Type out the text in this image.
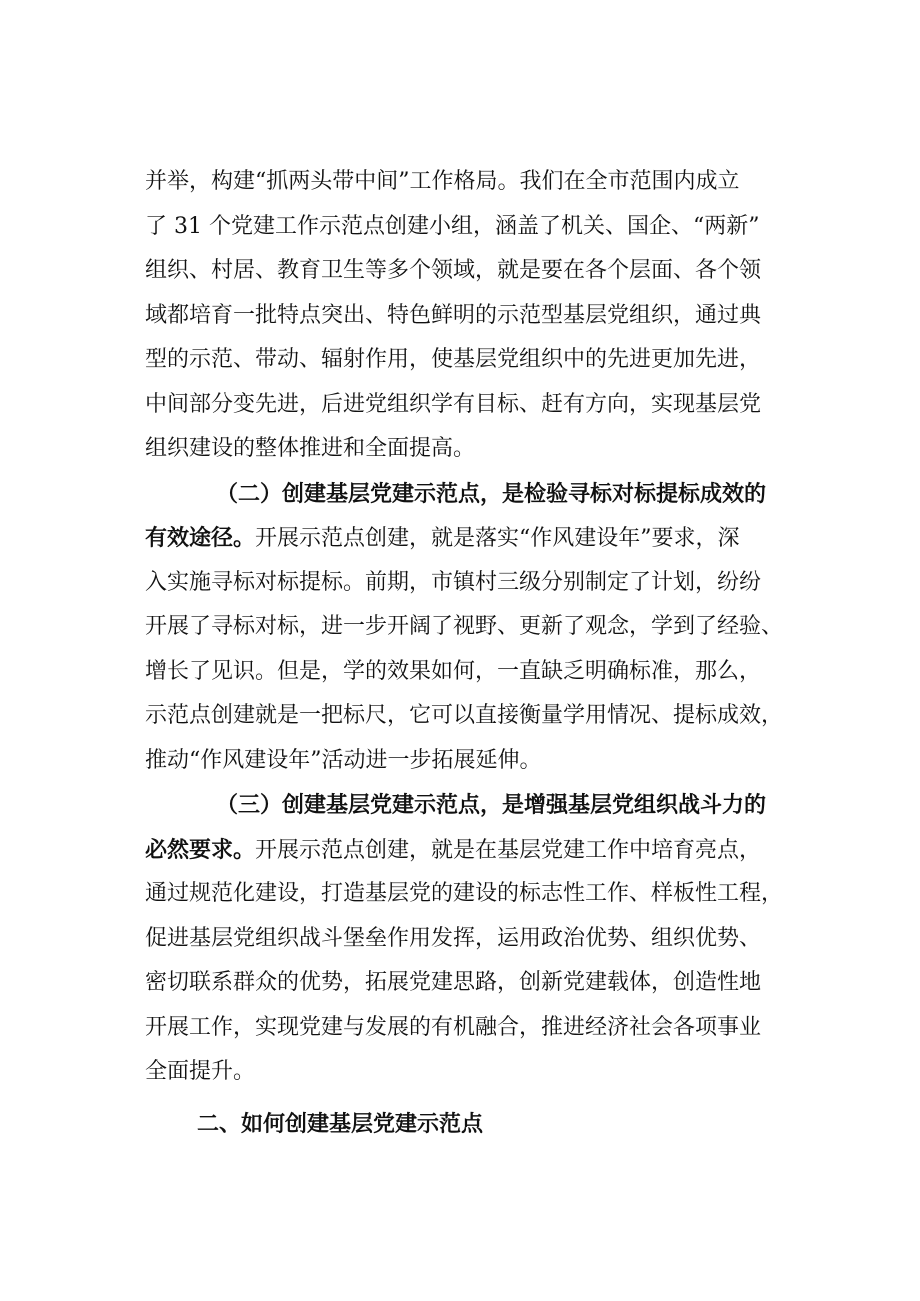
并举，构建“抓两头带中间”工作格局。我们在全市范围内成立
了 31 个党建工作示范点创建小组，涵盖了机关、国企、“两新”
组织、村居、教育卫生等多个领域，就是要在各个层面、各个领
域都培育一批特点突出、特色鲜明的示范型基层党组织，通过典
型的示范、带动、辐射作用，使基层党组织中的先进更加先进，
中间部分变先进，后进党组织学有目标、赶有方向，实现基层党
组织建设的整体推进和全面提高。
（二）创建基层党建示范点，是检验寻标对标提标成效的
有效途径。开展示范点创建，就是落实“作风建设年”要求，深
入实施寻标对标提标。前期，市镇村三级分别制定了计划，纷纷
开展了寻标对标，进一步开阔了视野、更新了观念，学到了经验、
增长了见识。但是，学的效果如何，一直缺乏明确标准，那么，
示范点创建就是一把标尺，它可以直接衡量学用情况、提标成效，
推动“作风建设年”活动进一步拓展延伸。
（三）创建基层党建示范点，是增强基层党组织战斗力的
必然要求。开展示范点创建，就是在基层党建工作中培育亮点，
通过规范化建设，打造基层党的建设的标志性工作、样板性工程，
促进基层党组织战斗堡垒作用发挥，运用政治优势、组织优势、
密切联系群众的优势，拓展党建思路，创新党建载体，创造性地
开展工作，实现党建与发展的有机融合，推进经济社会各项事业
全面提升。
二、如何创建基层党建示范点
